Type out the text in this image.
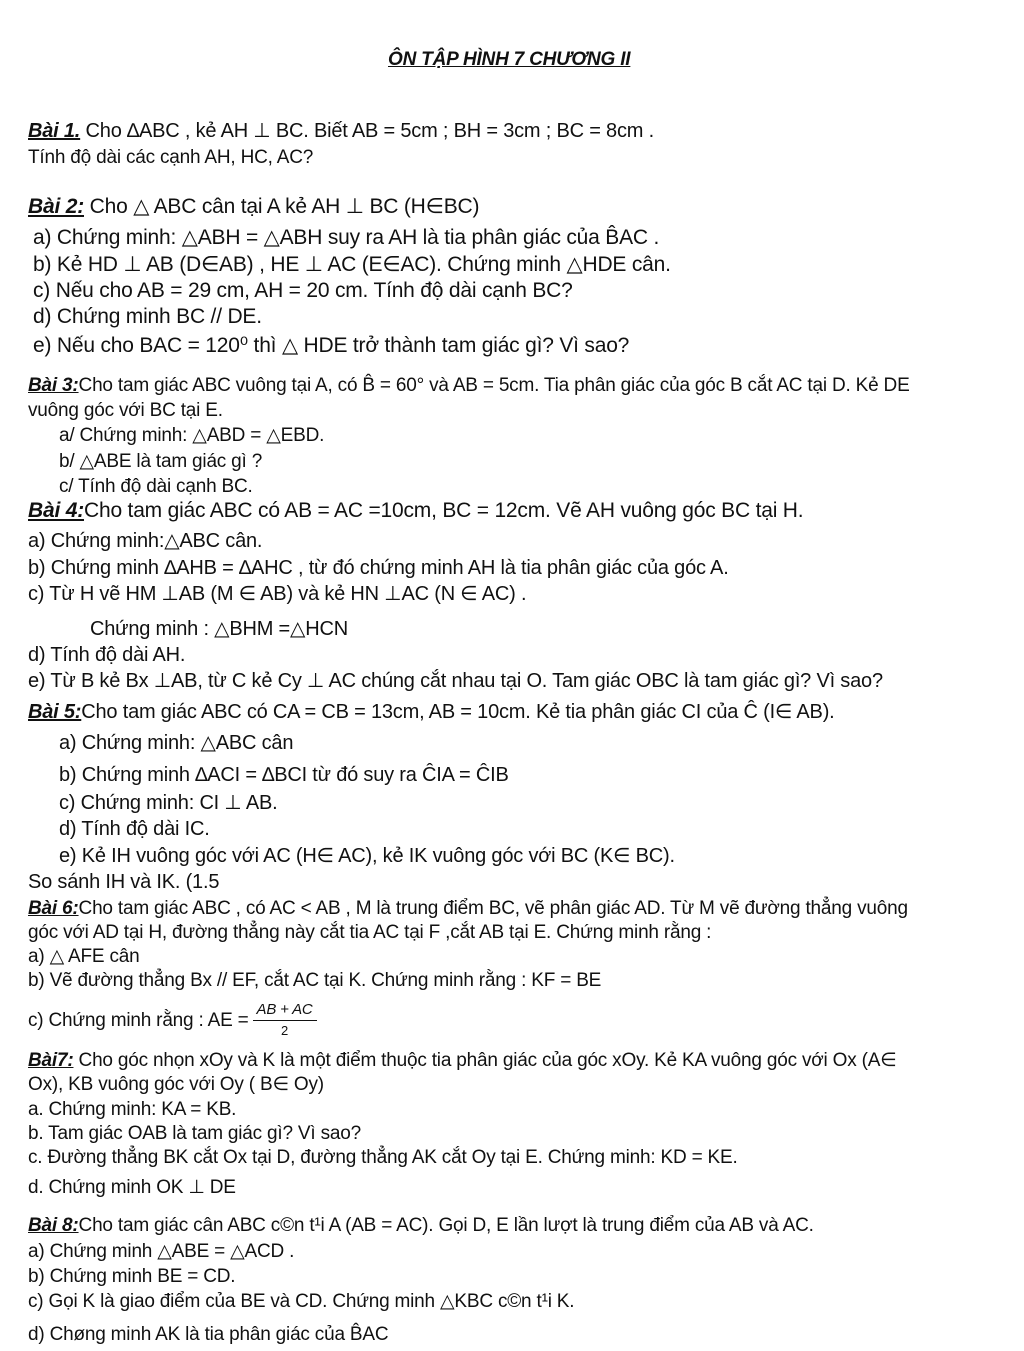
ÔN TẬP HÌNH 7 CHƯƠNG II
Bài 1. Cho ∆ABC , kẻ AH ⊥ BC. Biết AB = 5cm ; BH = 3cm ; BC = 8cm .
Tính độ dài các cạnh AH, HC, AC?
Bài 2: Cho △ ABC cân tại A kẻ AH ⊥ BC (H∈BC)
a) Chứng minh: △ABH = △ABH suy ra AH là tia phân giác của B̂AC .
b) Kẻ HD ⊥ AB (D∈AB) , HE ⊥ AC (E∈AC). Chứng minh △HDE cân.
c) Nếu cho AB = 29 cm, AH = 20 cm. Tính độ dài cạnh BC?
d) Chứng minh BC // DE.
e) Nếu cho BAC = 120⁰ thì △ HDE trở thành tam giác gì? Vì sao?
Bài 3:Cho tam giác ABC vuông tại A, có B̂ = 60° và AB = 5cm. Tia phân giác của góc B cắt AC tại D. Kẻ DE
vuông góc với BC tại E.
a/ Chứng minh: △ABD = △EBD.
b/ △ABE là tam giác gì ?
c/ Tính độ dài cạnh BC.
Bài 4:Cho tam giác ABC có AB = AC =10cm, BC = 12cm. Vẽ AH vuông góc BC tại H.
a) Chứng minh:△ABC cân.
b) Chứng minh ∆AHB = ∆AHC , từ đó chứng minh AH là tia phân giác của góc A.
c) Từ H vẽ HM ⊥AB (M ∈ AB) và kẻ HN ⊥AC (N ∈ AC) .
Chứng minh : △BHM =△HCN
d) Tính độ dài AH.
e) Từ B kẻ Bx ⊥AB, từ C kẻ Cy ⊥ AC chúng cắt nhau tại O. Tam giác OBC là tam giác gì? Vì sao?
Bài 5:Cho tam giác ABC có CA = CB = 13cm, AB = 10cm. Kẻ tia phân giác CI của Ĉ (I∈ AB).
a) Chứng minh: △ABC cân
b) Chứng minh ∆ACI = ∆BCI từ đó suy ra ĈIA = ĈIB
c) Chứng minh: CI ⊥ AB.
d) Tính độ dài IC.
e) Kẻ IH vuông góc với AC (H∈ AC), kẻ IK vuông góc với BC (K∈ BC).
So sánh IH và IK. (1.5
Bài 6:Cho tam giác ABC , có AC < AB , M là trung điểm BC, vẽ phân giác AD. Từ M vẽ đường thẳng vuông
góc với AD tại H, đường thẳng này cắt tia AC tại F ,cắt AB tại E. Chứng minh rằng :
a) △ AFE cân
b) Vẽ đường thẳng Bx // EF, cắt AC tại K. Chứng minh rằng : KF = BE
c) Chứng minh rằng : AE = $\frac{AB + AC}{2}$
Bài7: Cho góc nhọn xOy và K là một điểm thuộc tia phân giác của góc xOy. Kẻ KA vuông góc với Ox (A∈
Ox), KB vuông góc với Oy ( B∈ Oy)
a. Chứng minh: KA = KB.
b. Tam giác OAB là tam giác gì? Vì sao?
c. Đường thẳng BK cắt Ox tại D, đường thẳng AK cắt Oy tại E. Chứng minh: KD = KE.
d. Chứng minh OK ⊥ DE
Bài 8:Cho tam giác cân ABC c©n t¹i A (AB = AC). Gọi D, E lần lượt là trung điểm của AB và AC.
a) Chứng minh △ABE = △ACD .
b) Chứng minh BE = CD.
c) Gọi K là giao điểm của BE và CD. Chứng minh △KBC c©n t¹i K.
d) Chøng minh AK là tia phân giác của B̂AC
